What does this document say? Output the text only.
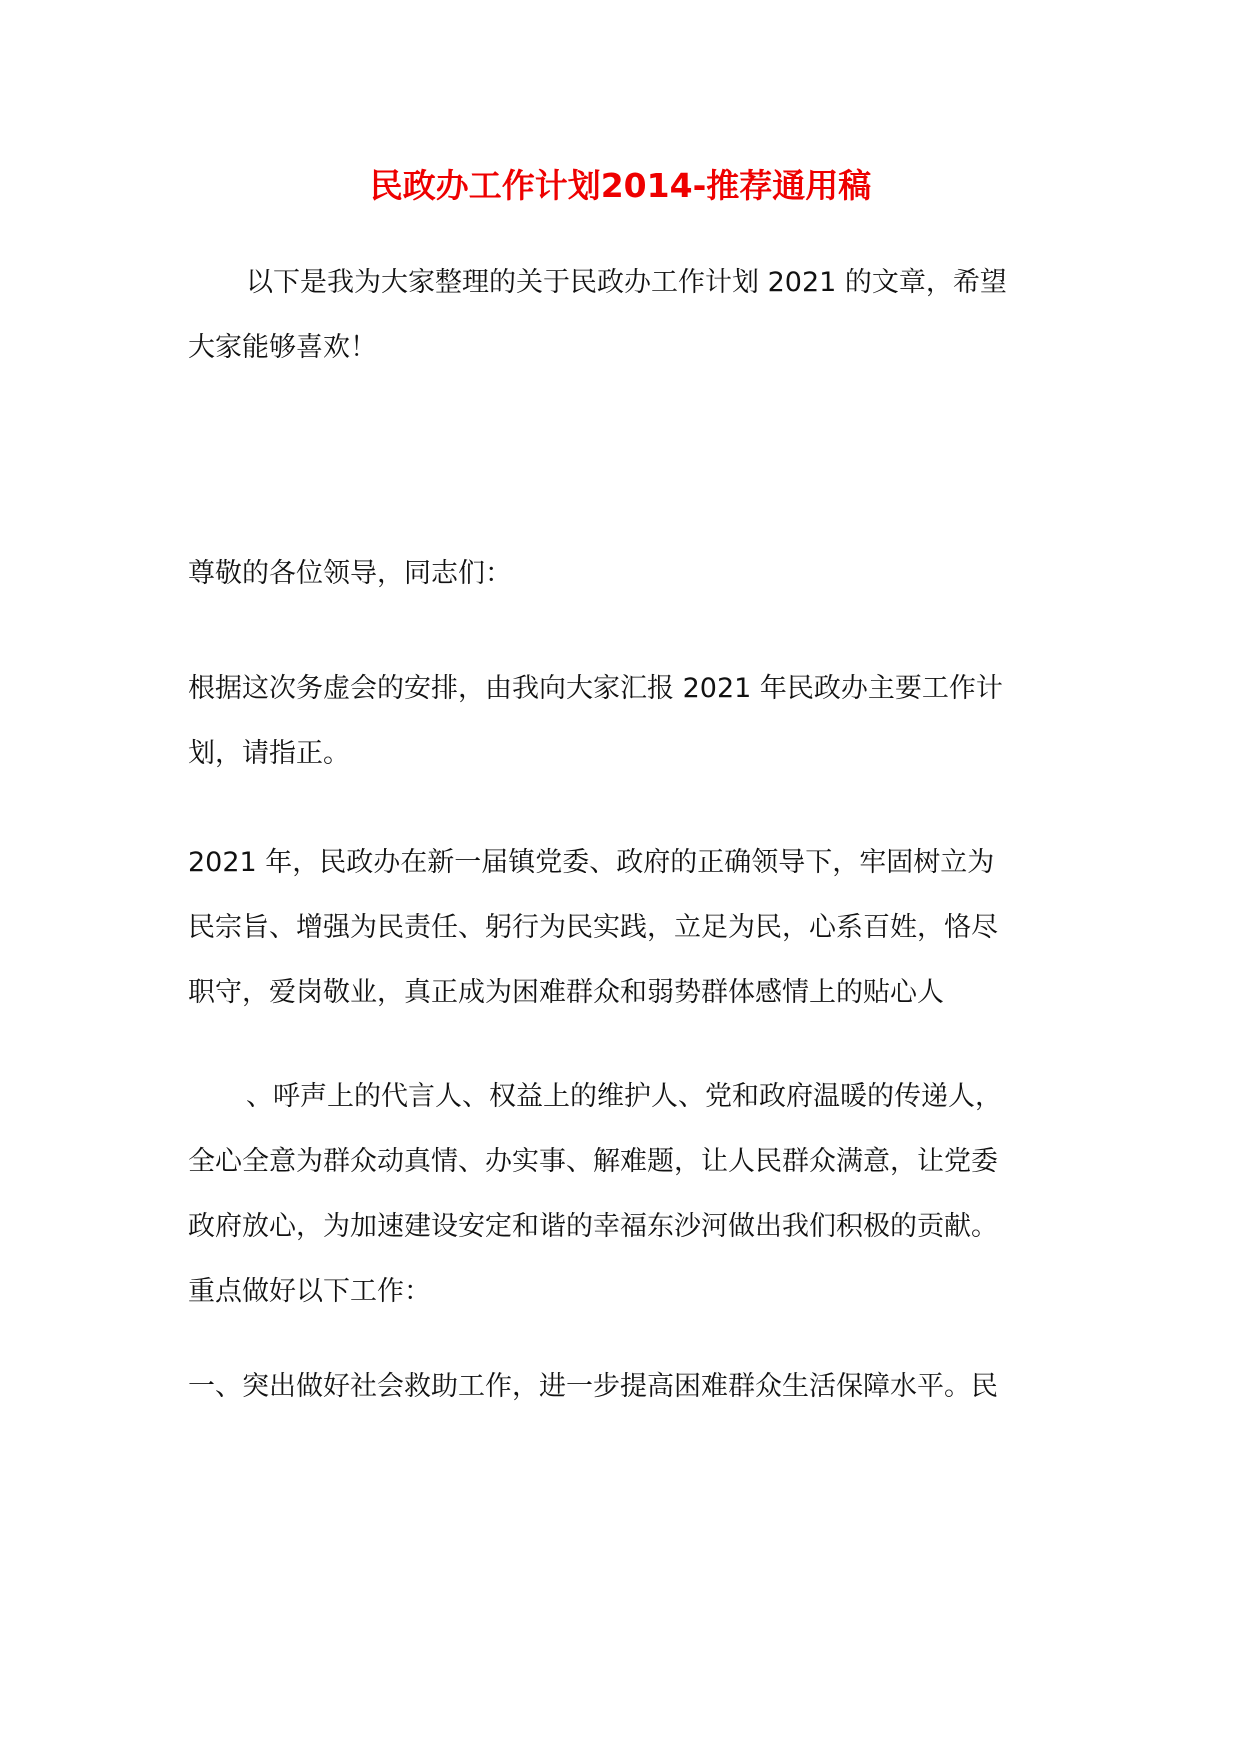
民政办工作计划2014-推荐通用稿
以下是我为大家整理的关于民政办工作计划 2021 的文章，希望
大家能够喜欢！
尊敬的各位领导，同志们：
根据这次务虚会的安排，由我向大家汇报 2021 年民政办主要工作计
划，请指正。
2021 年，民政办在新一届镇党委、政府的正确领导下，牢固树立为
民宗旨、增强为民责任、躬行为民实践，立足为民，心系百姓，恪尽
职守，爱岗敬业，真正成为困难群众和弱势群体感情上的贴心人
、呼声上的代言人、权益上的维护人、党和政府温暖的传递人，
全心全意为群众动真情、办实事、解难题，让人民群众满意，让党委
政府放心，为加速建设安定和谐的幸福东沙河做出我们积极的贡献。
重点做好以下工作：
一、突出做好社会救助工作，进一步提高困难群众生活保障水平。民
